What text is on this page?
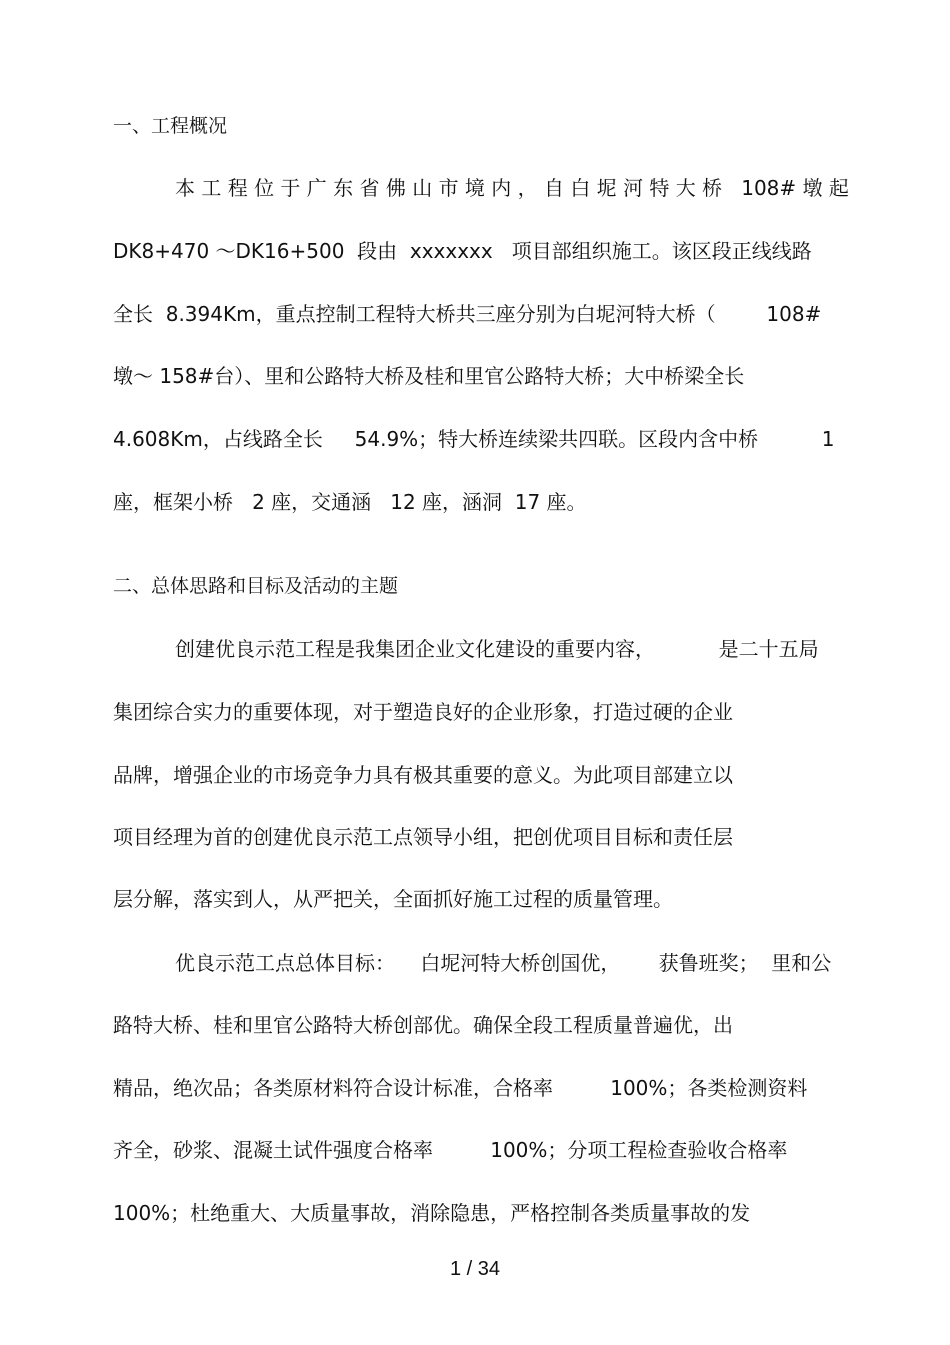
一、工程概况

本 工 程 位 于 广 东 省 佛 山 市 境 内 ， 自 白 坭 河 特 大 桥   108# 墩 起

DK8+470 ～DK16+500  段由  xxxxxxx   项目部组织施工。该区段正线线路

全长  8.394Km，重点控制工程特大桥共三座分别为白坭河特大桥（        108#

墩～ 158#台）、里和公路特大桥及桂和里官公路特大桥；大中桥梁全长

4.608Km，占线路全长     54.9%；特大桥连续梁共四联。区段内含中桥          1

座，框架小桥   2 座，交通涵   12 座，涵洞  17 座。

二、总体思路和目标及活动的主题

创建优良示范工程是我集团企业文化建设的重要内容，          是二十五局

集团综合实力的重要体现，对于塑造良好的企业形象，打造过硬的企业

品牌，增强企业的市场竞争力具有极其重要的意义。为此项目部建立以

项目经理为首的创建优良示范工点领导小组，把创优项目目标和责任层

层分解，落实到人，从严把关，全面抓好施工过程的质量管理。

优良示范工点总体目标：    白坭河特大桥创国优，      获鲁班奖；  里和公

路特大桥、桂和里官公路特大桥创部优。确保全段工程质量普遍优，出

精品，绝次品；各类原材料符合设计标准，合格率         100%；各类检测资料

齐全，砂浆、混凝土试件强度合格率         100%；分项工程检查验收合格率

100%；杜绝重大、大质量事故，消除隐患，严格控制各类质量事故的发

1 / 34
